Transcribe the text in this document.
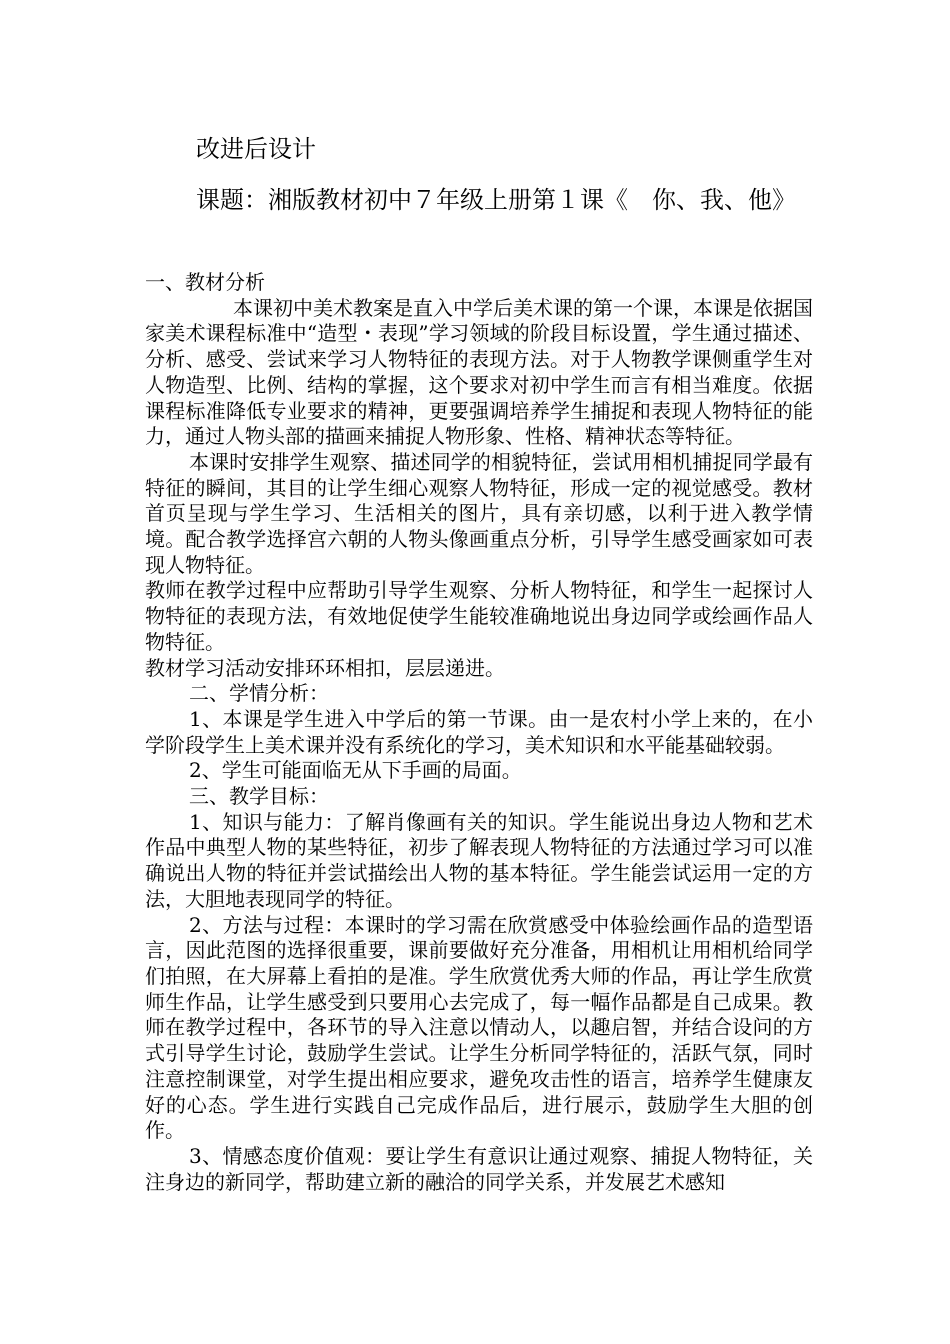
改进后设计
课题：湘版教材初中７年级上册第１课《　你、我、他》

一、教材分析

本课初中美术教案是直入中学后美术课的第一个课，本课是依据国家美术课程标准中“造型・表现”学习领域的阶段目标设置，学生通过描述、分析、感受、尝试来学习人物特征的表现方法。对于人物教学课侧重学生对人物造型、比例、结构的掌握，这个要求对初中学生而言有相当难度。依据课程标准降低专业要求的精神，更要强调培养学生捕捉和表现人物特征的能力，通过人物头部的描画来捕捉人物形象、性格、精神状态等特征。

本课时安排学生观察、描述同学的相貌特征，尝试用相机捕捉同学最有特征的瞬间，其目的让学生细心观察人物特征，形成一定的视觉感受。教材首页呈现与学生学习、生活相关的图片，具有亲切感，以利于进入教学情境。配合教学选择宫六朝的人物头像画重点分析，引导学生感受画家如可表现人物特征。

教师在教学过程中应帮助引导学生观察、分析人物特征，和学生一起探讨人物特征的表现方法，有效地促使学生能较准确地说出身边同学或绘画作品人物特征。

教材学习活动安排环环相扣，层层递进。

二、学情分析：

1、本课是学生进入中学后的第一节课。由一是农村小学上来的，在小学阶段学生上美术课并没有系统化的学习，美术知识和水平能基础较弱。

2、学生可能面临无从下手画的局面。

三、教学目标：

1、知识与能力：了解肖像画有关的知识。学生能说出身边人物和艺术作品中典型人物的某些特征，初步了解表现人物特征的方法通过学习可以准确说出人物的特征并尝试描绘出人物的基本特征。学生能尝试运用一定的方法，大胆地表现同学的特征。

2、方法与过程：本课时的学习需在欣赏感受中体验绘画作品的造型语言，因此范图的选择很重要，课前要做好充分准备，用相机让用相机给同学们拍照，在大屏幕上看拍的是准。学生欣赏优秀大师的作品，再让学生欣赏师生作品，让学生感受到只要用心去完成了，每一幅作品都是自己成果。教师在教学过程中，各环节的导入注意以情动人，以趣启智，并结合设问的方式引导学生讨论，鼓励学生尝试。让学生分析同学特征的，活跃气氛，同时注意控制课堂，对学生提出相应要求，避免攻击性的语言，培养学生健康友好的心态。学生进行实践自己完成作品后，进行展示，鼓励学生大胆的创作。

3、情感态度价值观：要让学生有意识让通过观察、捕捉人物特征，关注身边的新同学，帮助建立新的融洽的同学关系，并发展艺术感知
